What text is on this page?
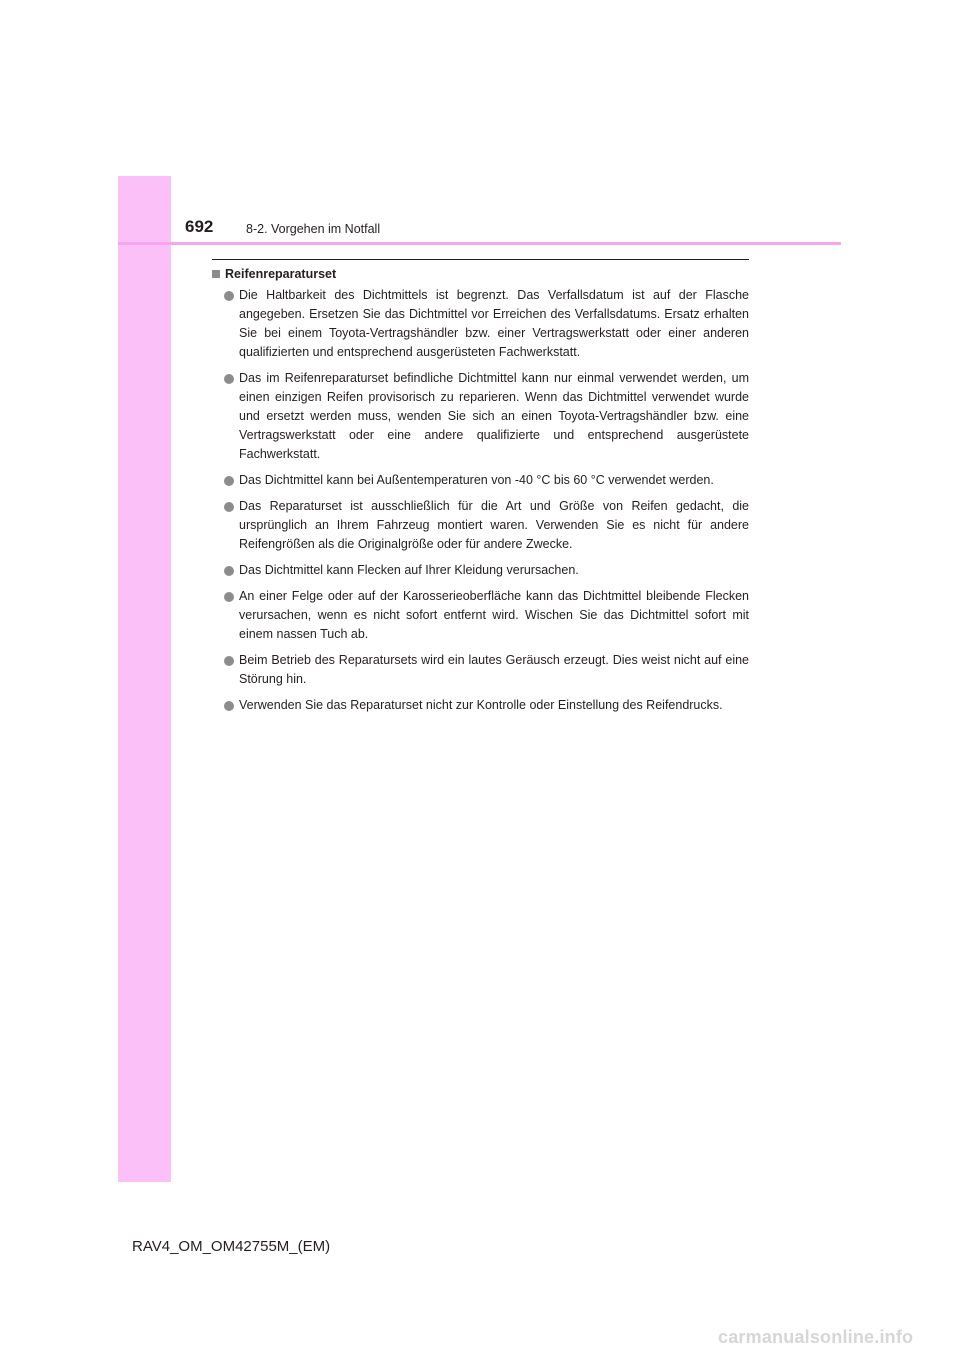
692	8-2. Vorgehen im Notfall
Reifenreparaturset
Die Haltbarkeit des Dichtmittels ist begrenzt. Das Verfallsdatum ist auf der Flasche angegeben. Ersetzen Sie das Dichtmittel vor Erreichen des Verfallsdatums. Ersatz erhalten Sie bei einem Toyota-Vertragshändler bzw. einer Vertragswerkstatt oder einer anderen qualifizierten und entsprechend ausgerüsteten Fachwerkstatt.
Das im Reifenreparaturset befindliche Dichtmittel kann nur einmal verwendet werden, um einen einzigen Reifen provisorisch zu reparieren. Wenn das Dichtmittel verwendet wurde und ersetzt werden muss, wenden Sie sich an einen Toyota-Vertragshändler bzw. eine Vertragswerkstatt oder eine andere qualifizierte und entsprechend ausgerüstete Fachwerkstatt.
Das Dichtmittel kann bei Außentemperaturen von -40 °C bis 60 °C verwendet werden.
Das Reparaturset ist ausschließlich für die Art und Größe von Reifen gedacht, die ursprünglich an Ihrem Fahrzeug montiert waren. Verwenden Sie es nicht für andere Reifengrößen als die Originalgröße oder für andere Zwecke.
Das Dichtmittel kann Flecken auf Ihrer Kleidung verursachen.
An einer Felge oder auf der Karosserieoberfläche kann das Dichtmittel bleibende Flecken verursachen, wenn es nicht sofort entfernt wird. Wischen Sie das Dichtmittel sofort mit einem nassen Tuch ab.
Beim Betrieb des Reparatursets wird ein lautes Geräusch erzeugt. Dies weist nicht auf eine Störung hin.
Verwenden Sie das Reparaturset nicht zur Kontrolle oder Einstellung des Reifendrucks.
RAV4_OM_OM42755M_(EM)
carmanualsonline.info
